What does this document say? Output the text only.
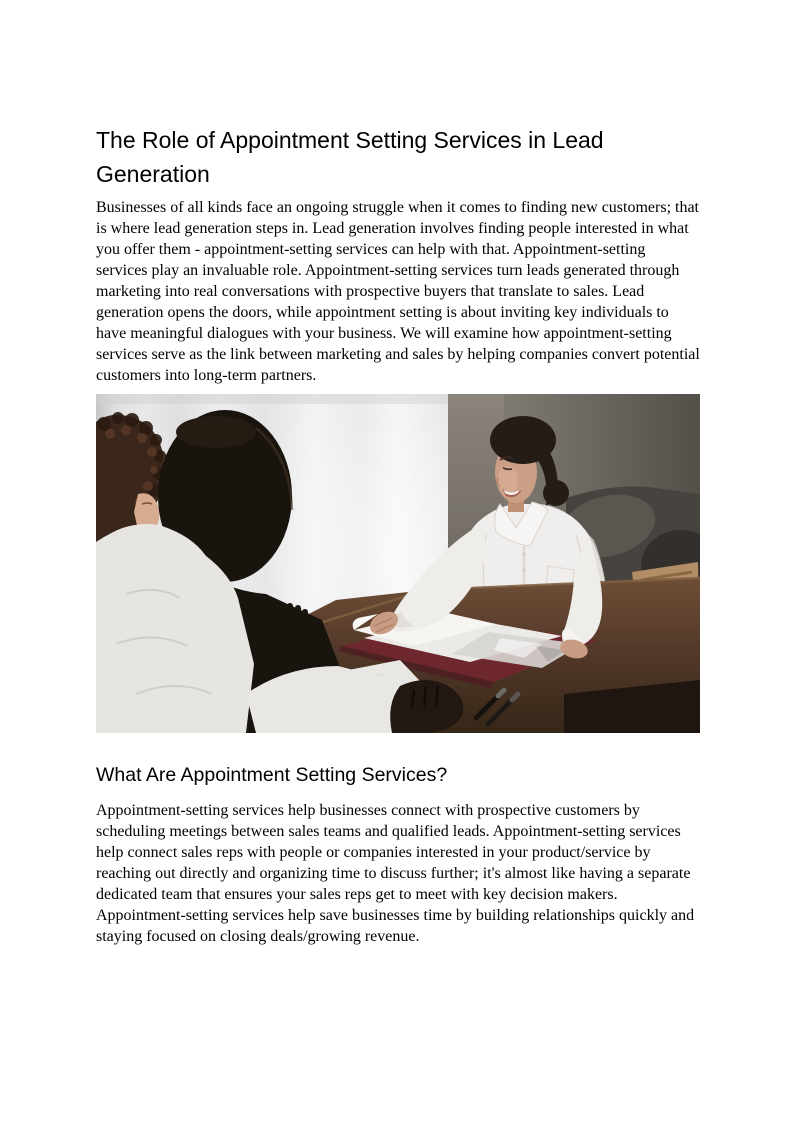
The Role of Appointment Setting Services in Lead Generation

Businesses of all kinds face an ongoing struggle when it comes to finding new customers; that is where lead generation steps in. Lead generation involves finding people interested in what you offer them - appointment-setting services can help with that. Appointment-setting services play an invaluable role. Appointment-setting services turn leads generated through marketing into real conversations with prospective buyers that translate to sales. Lead generation opens the doors, while appointment setting is about inviting key individuals to have meaningful dialogues with your business. We will examine how appointment-setting services serve as the link between marketing and sales by helping companies convert potential customers into long-term partners.

What Are Appointment Setting Services?

Appointment-setting services help businesses connect with prospective customers by scheduling meetings between sales teams and qualified leads. Appointment-setting services help connect sales reps with people or companies interested in your product/service by reaching out directly and organizing time to discuss further; it's almost like having a separate dedicated team that ensures your sales reps get to meet with key decision makers. Appointment-setting services help save businesses time by building relationships quickly and staying focused on closing deals/growing revenue.
